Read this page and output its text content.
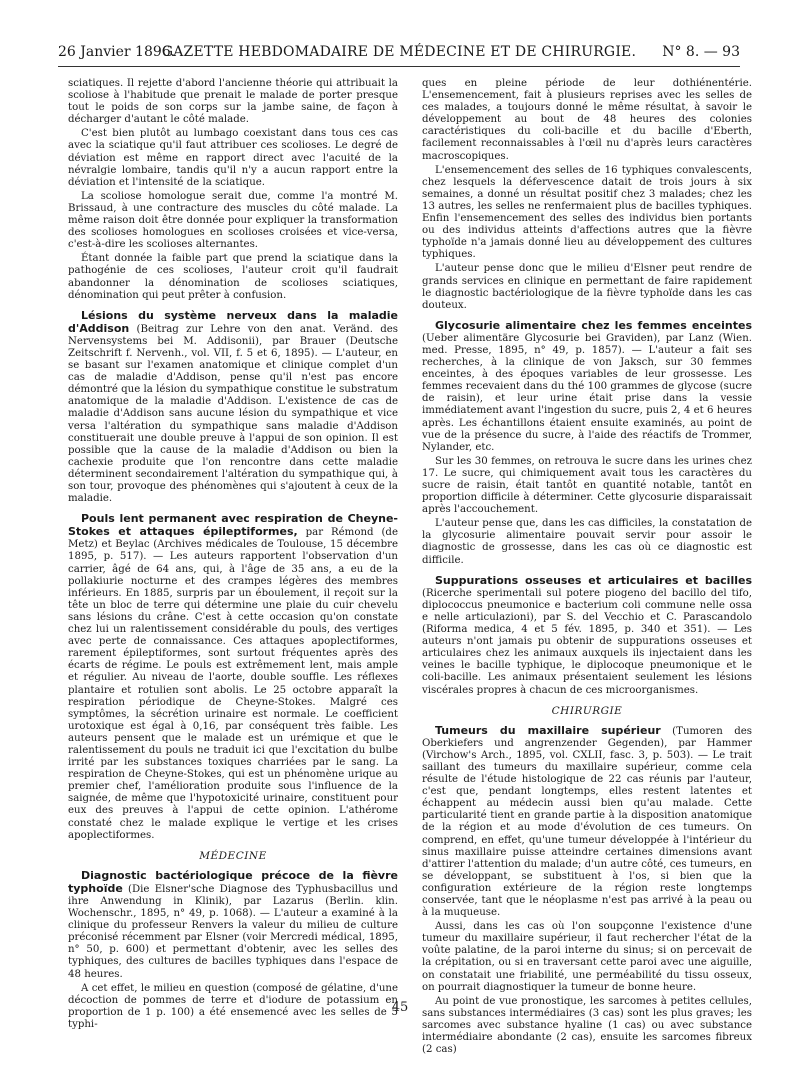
26 Janvier 1896.
GAZETTE HEBDOMADAIRE DE MÉDECINE ET DE CHIRURGIE.	N° 8. — 93

sciatiques. Il rejette d'abord l'ancienne théorie qui attribuait la scoliose à l'habitude que prenait le malade de porter presque tout le poids de son corps sur la jambe saine, de façon à décharger d'autant le côté malade.

C'est bien plutôt au lumbago coexistant dans tous ces cas avec la sciatique qu'il faut attribuer ces scolioses. Le degré de déviation est même en rapport direct avec l'acuité de la névralgie lombaire, tandis qu'il n'y a aucun rapport entre la déviation et l'intensité de la sciatique.

La scoliose homologue serait due, comme l'a montré M. Brissaud, à une contracture des muscles du côté malade. La même raison doit être donnée pour expliquer la transformation des scolioses homologues en scolioses croisées et vice-versa, c'est-à-dire les scolioses alternantes.

Étant donnée la faible part que prend la sciatique dans la pathogénie de ces scolioses, l'auteur croit qu'il faudrait abandonner la dénomination de scolioses sciatiques, dénomination qui peut prêter à confusion.

Lésions du système nerveux dans la maladie d'Addison (Beitrag zur Lehre von den anat. Veränd. des Nervensystems bei M. Addisonii), par Brauer (Deutsche Zeitschrift f. Nervenh., vol. VII, f. 5 et 6, 1895). — L'auteur, en se basant sur l'examen anatomique et clinique complet d'un cas de maladie d'Addison, pense qu'il n'est pas encore démontré que la lésion du sympathique constitue le substratum anatomique de la maladie d'Addison. L'existence de cas de maladie d'Addison sans aucune lésion du sympathique et vice versa l'altération du sympathique sans maladie d'Addison constituerait une double preuve à l'appui de son opinion. Il est possible que la cause de la maladie d'Addison ou bien la cachexie produite que l'on rencontre dans cette maladie déterminent secondairement l'altération du sympathique qui, à son tour, provoque des phénomènes qui s'ajoutent à ceux de la maladie.

Pouls lent permanent avec respiration de Cheyne-Stokes et attaques épileptiformes, par Rémond (de Metz) et Beylac (Archives médicales de Toulouse, 15 décembre 1895, p. 517). — Les auteurs rapportent l'observation d'un carrier, âgé de 64 ans, qui, à l'âge de 35 ans, a eu de la pollakiurie nocturne et des crampes légères des membres inférieurs. En 1885, surpris par un éboulement, il reçoit sur la tête un bloc de terre qui détermine une plaie du cuir chevelu sans lésions du crâne. C'est à cette occasion qu'on constate chez lui un ralentissement considérable du pouls, des vertiges avec perte de connaissance. Ces attaques apoplectiformes, rarement épileptiformes, sont surtout fréquentes après des écarts de régime. Le pouls est extrêmement lent, mais ample et régulier. Au niveau de l'aorte, double souffle. Les réflexes plantaire et rotulien sont abolis. Le 25 octobre apparaît la respiration périodique de Cheyne-Stokes. Malgré ces symptômes, la sécrétion urinaire est normale. Le coefficient urotoxique est égal à 0,16, par conséquent très faible. Les auteurs pensent que le malade est un urémique et que le ralentissement du pouls ne traduit ici que l'excitation du bulbe irrité par les substances toxiques charriées par le sang. La respiration de Cheyne-Stokes, qui est un phénomène urique au premier chef, l'amélioration produite sous l'influence de la saignée, de même que l'hypotoxicité urinaire, constituent pour eux des preuves à l'appui de cette opinion. L'athérome constaté chez le malade explique le vertige et les crises apoplectiformes.

MÉDECINE

Diagnostic bactériologique précoce de la fièvre typhoïde (Die Elsner'sche Diagnose des Typhusbacillus und ihre Anwendung in Klinik), par Lazarus (Berlin. klin. Wochenschr., 1895, n° 49, p. 1068). — L'auteur a examiné à la clinique du professeur Renvers la valeur du milieu de culture préconisé récemment par Elsner (voir Mercredi médical, 1895, n° 50, p. 600) et permettant d'obtenir, avec les selles des typhiques, des cultures de bacilles typhiques dans l'espace de 48 heures.

A cet effet, le milieu en question (composé de gélatine, d'une décoction de pommes de terre et d'iodure de potassium en proportion de 1 p. 100) a été ensemencé avec les selles de 5 typhi-

ques en pleine période de leur dothiénentérie. L'ensemencement, fait à plusieurs reprises avec les selles de ces malades, a toujours donné le même résultat, à savoir le développement au bout de 48 heures des colonies caractéristiques du coli-bacille et du bacille d'Eberth, facilement reconnaissables à l'œil nu d'après leurs caractères macroscopiques.

L'ensemencement des selles de 16 typhiques convalescents, chez lesquels la défervescence datait de trois jours à six semaines, a donné un résultat positif chez 3 malades; chez les 13 autres, les selles ne renfermaient plus de bacilles typhiques. Enfin l'ensemencement des selles des individus bien portants ou des individus atteints d'affections autres que la fièvre typhoïde n'a jamais donné lieu au développement des cultures typhiques.

L'auteur pense donc que le milieu d'Elsner peut rendre de grands services en clinique en permettant de faire rapidement le diagnostic bactériologique de la fièvre typhoïde dans les cas douteux.

Glycosurie alimentaire chez les femmes enceintes (Ueber alimentäre Glycosurie bei Graviden), par Lanz (Wien. med. Presse, 1895, n° 49, p. 1857). — L'auteur a fait ses recherches, à la clinique de von Jaksch, sur 30 femmes enceintes, à des époques variables de leur grossesse. Les femmes recevaient dans du thé 100 grammes de glycose (sucre de raisin), et leur urine était prise dans la vessie immédiatement avant l'ingestion du sucre, puis 2, 4 et 6 heures après. Les échantillons étaient ensuite examinés, au point de vue de la présence du sucre, à l'aide des réactifs de Trommer, Nylander, etc.

Sur les 30 femmes, on retrouva le sucre dans les urines chez 17. Le sucre, qui chimiquement avait tous les caractères du sucre de raisin, était tantôt en quantité notable, tantôt en proportion difficile à déterminer. Cette glycosurie disparaissait après l'accouchement.

L'auteur pense que, dans les cas difficiles, la constatation de la glycosurie alimentaire pouvait servir pour assoir le diagnostic de grossesse, dans les cas où ce diagnostic est difficile.

Suppurations osseuses et articulaires et bacilles (Ricerche sperimentali sul potere piogeno del bacillo del tifo, diplococcus pneumonice e bacterium coli commune nelle ossa e nelle articulazioni), par S. del Vecchio et C. Parascandolo (Riforma medica, 4 et 5 fév. 1895, p. 340 et 351). — Les auteurs n'ont jamais pu obtenir de suppurations osseuses et articulaires chez les animaux auxquels ils injectaient dans les veines le bacille typhique, le diplocoque pneumonique et le coli-bacille. Les animaux présentaient seulement les lésions viscérales propres à chacun de ces microorganismes.

CHIRURGIE

Tumeurs du maxillaire supérieur (Tumoren des Oberkiefers und angrenzender Gegenden), par Hammer (Virchow's Arch., 1895, vol. CXLII, fasc. 3, p. 503). — Le trait saillant des tumeurs du maxillaire supérieur, comme cela résulte de l'étude histologique de 22 cas réunis par l'auteur, c'est que, pendant longtemps, elles restent latentes et échappent au médecin aussi bien qu'au malade. Cette particularité tient en grande partie à la disposition anatomique de la région et au mode d'évolution de ces tumeurs. On comprend, en effet, qu'une tumeur développée à l'intérieur du sinus maxillaire puisse atteindre certaines dimensions avant d'attirer l'attention du malade; d'un autre côté, ces tumeurs, en se développant, se substituent à l'os, si bien que la configuration extérieure de la région reste longtemps conservée, tant que le néoplasme n'est pas arrivé à la peau ou à la muqueuse.

Aussi, dans les cas où l'on soupçonne l'existence d'une tumeur du maxillaire supérieur, il faut rechercher l'état de la voûte palatine, de la paroi interne du sinus; si on percevait de la crépitation, ou si en traversant cette paroi avec une aiguille, on constatait une friabilité, une perméabilité du tissu osseux, on pourrait diagnostiquer la tumeur de bonne heure.

Au point de vue pronostique, les sarcomes à petites cellules, sans substances intermédiaires (3 cas) sont les plus graves; les sarcomes avec substance hyaline (1 cas) ou avec substance intermédiaire abondante (2 cas), ensuite les sarcomes fibreux (2 cas)

45
